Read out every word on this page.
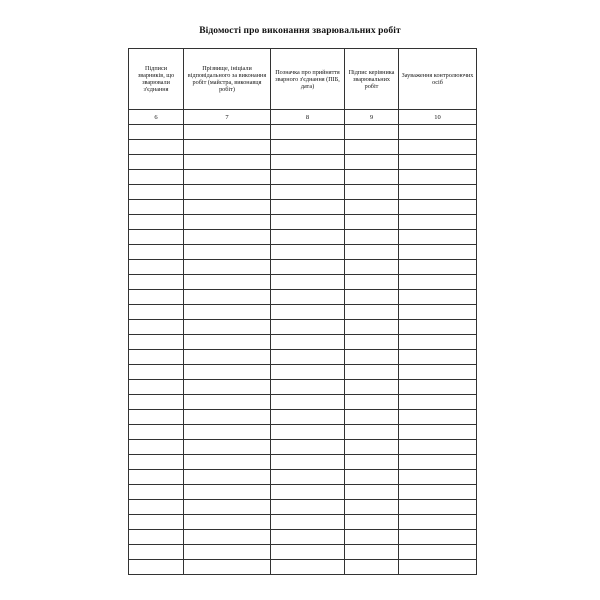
Відомості про виконання зварювальних робіт
Підписи зварників, що зварювали з'єднання	Прізвище, ініціали відповідального за виконання робіт (майстра, виконавця робіт)	Позначка про прийняття зварного з'єднання (ПІБ, дата)	Підпис керівника зварювальних робіт	Зауваження контролюючих осіб
6	7	8	9	10
